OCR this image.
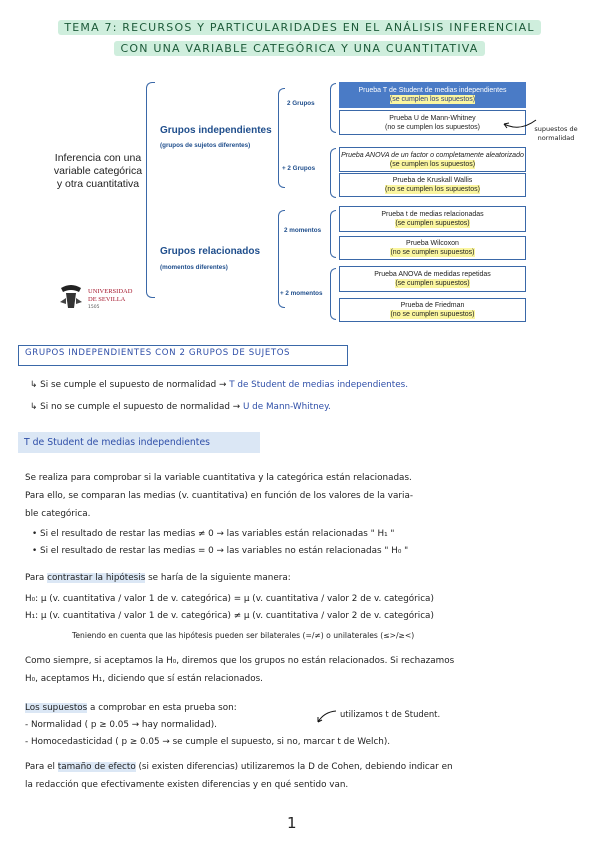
TEMA 7: RECURSOS Y PARTICULARIDADES EN EL ANÁLISIS INFERENCIAL
CON UNA VARIABLE CATEGÓRICA Y UNA CUANTITATIVA
Inferencia con una variable categórica y otra cuantitativa
Grupos independientes
(grupos de sujetos diferentes)
Grupos relacionados
(momentos diferentes)
2 Grupos
+ 2 Grupos
2 momentos
+ 2 momentos
Prueba T de Student de medias independientes
(se cumplen los supuestos)
Prueba U de Mann-Whitney
(no se cumplen los supuestos)
Prueba ANOVA de un factor o completamente aleatorizado
(se cumplen los supuestos)
Prueba de Kruskall Wallis
(no se cumplen los supuestos)
Prueba t de medias relacionadas
(se cumplen supuestos)
Prueba Wilcoxon
(no se cumplen supuestos)
Prueba ANOVA de medidas repetidas
(se cumplen supuestos)
Prueba de Friedman
(no se cumplen supuestos)
supuestos de normalidad
UNIVERSIDAD
DE SEVILLA
1505
GRUPOS INDEPENDIENTES CON 2 GRUPOS DE SUJETOS
↳ Si se cumple el supuesto de normalidad → T de Student de medias independientes.
↳ Si no se cumple el supuesto de normalidad → U de Mann-Whitney.
T de Student de medias independientes
Se realiza para comprobar si la variable cuantitativa y la categórica están relacionadas.
Para ello, se comparan las medias (v. cuantitativa) en función de los valores de la varia-
ble categórica.
• Si el resultado de restar las medias ≠ 0 → las variables están relacionadas " H₁ "
• Si el resultado de restar las medias = 0 → las variables no están relacionadas " H₀ "
Para contrastar la hipótesis se haría de la siguiente manera:
H₀: μ (v. cuantitativa / valor 1 de v. categórica) = μ (v. cuantitativa / valor 2 de v. categórica)
H₁: μ (v. cuantitativa / valor 1 de v. categórica) ≠ μ (v. cuantitativa / valor 2 de v. categórica)
Teniendo en cuenta que las hipótesis pueden ser bilaterales (=/≠) o unilaterales (≤>/≥<)
Como siempre, si aceptamos la H₀, diremos que los grupos no están relacionados. Si rechazamos
H₀, aceptamos H₁, diciendo que sí están relacionados.
Los supuestos a comprobar en esta prueba son:
utilizamos t de Student.
- Normalidad ( p ≥ 0.05 → hay normalidad).
- Homocedasticidad ( p ≥ 0.05 → se cumple el supuesto, si no, marcar t de Welch).
Para el tamaño de efecto (si existen diferencias) utilizaremos la D de Cohen, debiendo indicar en
la redacción que efectivamente existen diferencias y en qué sentido van.
1
